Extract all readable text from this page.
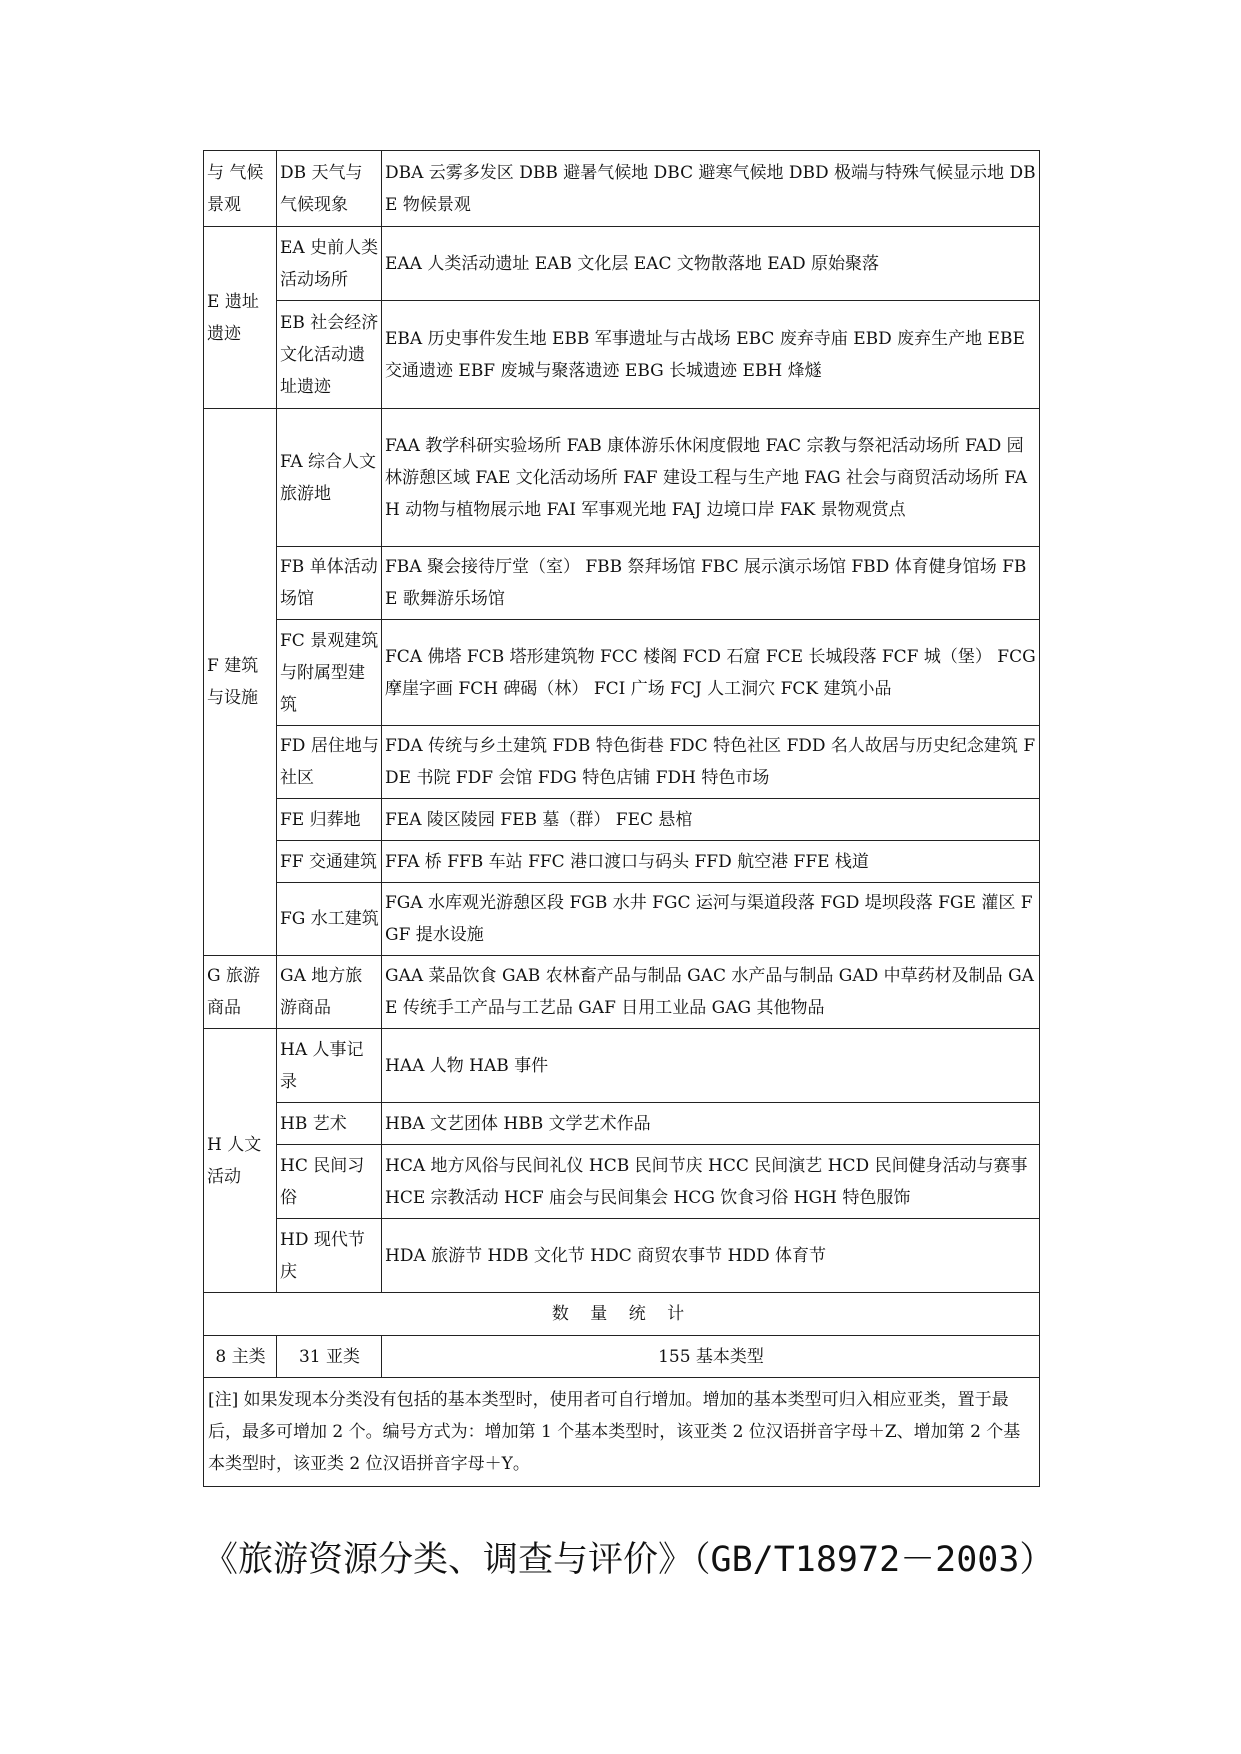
与 气候景观	DB 天气与气候现象	DBA 云雾多发区 DBB 避暑气候地 DBC 避寒气候地 DBD 极端与特殊气候显示地 DBE 物候景观
E 遗址遗迹	EA 史前人类活动场所	EAA 人类活动遗址 EAB 文化层 EAC 文物散落地 EAD 原始聚落
	EB 社会经济文化活动遗址遗迹	EBA 历史事件发生地 EBB 军事遗址与古战场 EBC 废弃寺庙 EBD 废弃生产地 EBE 交通遗迹 EBF 废城与聚落遗迹 EBG 长城遗迹 EBH 烽燧
F 建筑与设施	FA 综合人文旅游地	FAA 教学科研实验场所 FAB 康体游乐休闲度假地 FAC 宗教与祭祀活动场所 FAD 园林游憩区域 FAE 文化活动场所 FAF 建设工程与生产地 FAG 社会与商贸活动场所 FAH 动物与植物展示地 FAI 军事观光地 FAJ 边境口岸 FAK 景物观赏点
	FB 单体活动场馆	FBA 聚会接待厅堂（室） FBB 祭拜场馆 FBC 展示演示场馆 FBD 体育健身馆场 FBE 歌舞游乐场馆
	FC 景观建筑与附属型建筑	FCA 佛塔 FCB 塔形建筑物 FCC 楼阁 FCD 石窟 FCE 长城段落 FCF 城（堡） FCG 摩崖字画 FCH 碑碣（林） FCI 广场 FCJ 人工洞穴 FCK 建筑小品
	FD 居住地与社区	FDA 传统与乡土建筑 FDB 特色街巷 FDC 特色社区 FDD 名人故居与历史纪念建筑 FDE 书院 FDF 会馆 FDG 特色店铺 FDH 特色市场
	FE 归葬地	FEA 陵区陵园 FEB 墓（群） FEC 悬棺
	FF 交通建筑	FFA 桥 FFB 车站 FFC 港口渡口与码头 FFD 航空港 FFE 栈道
	FG 水工建筑	FGA 水库观光游憩区段 FGB 水井 FGC 运河与渠道段落 FGD 堤坝段落 FGE 灌区 FGF 提水设施
G 旅游商品	GA 地方旅游商品	GAA 菜品饮食 GAB 农林畜产品与制品 GAC 水产品与制品 GAD 中草药材及制品 GAE 传统手工产品与工艺品 GAF 日用工业品 GAG 其他物品
H 人文活动	HA 人事记录	HAA 人物 HAB 事件
	HB 艺术	HBA 文艺团体 HBB 文学艺术作品
	HC 民间习俗	HCA 地方风俗与民间礼仪 HCB 民间节庆 HCC 民间演艺 HCD 民间健身活动与赛事 HCE 宗教活动 HCF 庙会与民间集会 HCG 饮食习俗 HGH 特色服饰
	HD 现代节庆	HDA 旅游节 HDB 文化节 HDC 商贸农事节 HDD 体育节
数 量 统 计		
8 主类	31 亚类	155 基本类型
[注] 如果发现本分类没有包括的基本类型时，使用者可自行增加。增加的基本类型可归入相应亚类，置于最后，最多可增加 2 个。编号方式为：增加第 1 个基本类型时，该亚类 2 位汉语拼音字母＋Z、增加第 2 个基本类型时，该亚类 2 位汉语拼音字母＋Y。		
《旅游资源分类、调查与评价》（GB/T18972－2003）
